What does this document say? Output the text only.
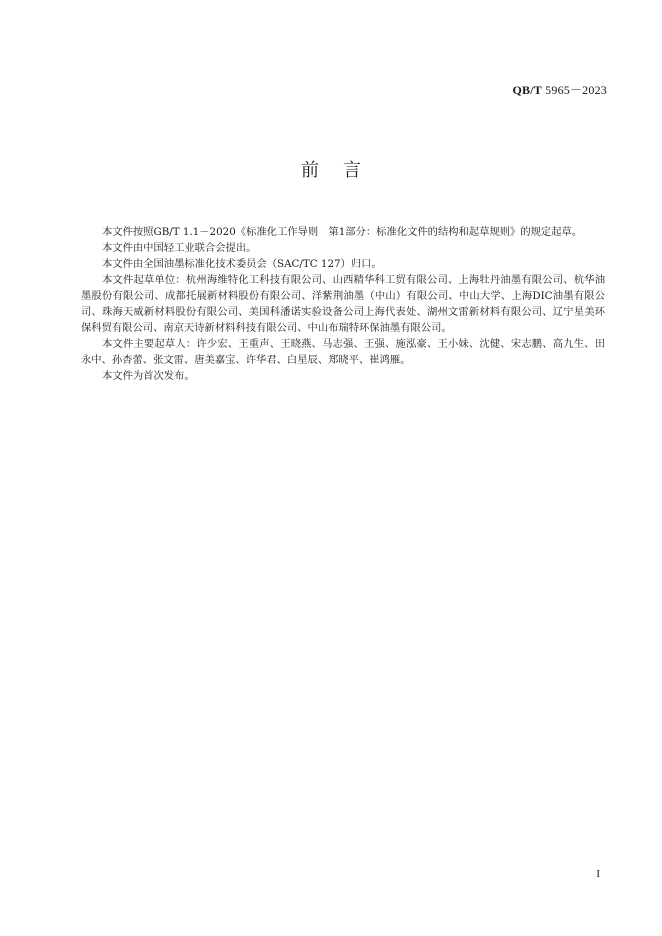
QB/T 5965－2023
前言

本文件按照GB/T 1.1－2020《标准化工作导则　第1部分：标准化文件的结构和起草规则》的规定起草。

本文件由中国轻工业联合会提出。

本文件由全国油墨标准化技术委员会（SAC/TC 127）归口。

本文件起草单位：杭州海维特化工科技有限公司、山西精华科工贸有限公司、上海牡丹油墨有限公司、杭华油墨股份有限公司、成都托展新材料股份有限公司、洋紫荆油墨（中山）有限公司、中山大学、上海DIC油墨有限公司、珠海天威新材料股份有限公司、美国科潘诺实验设备公司上海代表处、湖州文雷新材料有限公司、辽宁星美环保科贸有限公司、南京天诗新材料科技有限公司、中山布瑞特环保油墨有限公司。

本文件主要起草人：许少宏、王重声、王晓燕、马志强、王强、施泓豪、王小妹、沈健、宋志鹏、高九生、田永中、孙杏蕾、张文雷、唐美嘉宝、许华君、白星辰、郑晓平、崔鸿雁。

本文件为首次发布。

I
